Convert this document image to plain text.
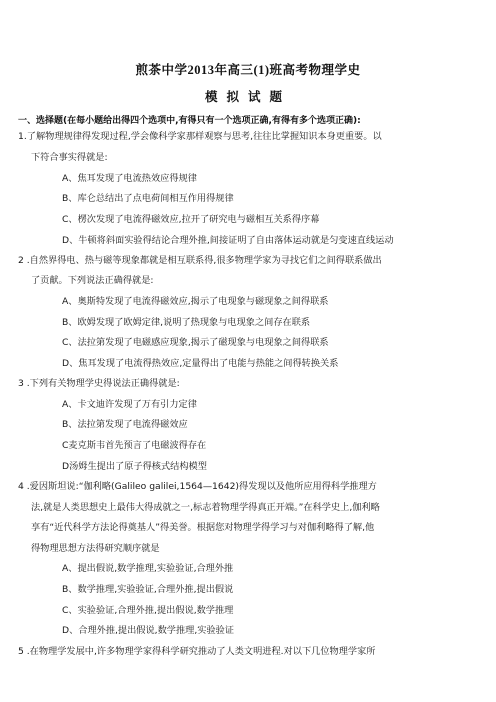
煎茶中学2013年高三(1)班高考物理学史
模拟试题
一、选择题(在每小题给出得四个选项中,有得只有一个选项正确,有得有多个选项正确):
1.了解物理规律得发现过程,学会像科学家那样观察与思考,往往比掌握知识本身更重要。以
下符合事实得就是:
A、焦耳发现了电流热效应得规律
B、库仑总结出了点电荷间相互作用得规律
C、楞次发现了电流得磁效应,拉开了研究电与磁相互关系得序幕
D、牛顿将斜面实验得结论合理外推,间接证明了自由落体运动就是匀变速直线运动
2 .自然界得电、热与磁等现象都就是相互联系得,很多物理学家为寻找它们之间得联系做出
了贡献。下列说法正确得就是:
A、奥斯特发现了电流得磁效应,揭示了电现象与磁现象之间得联系
B、欧姆发现了欧姆定律,说明了热现象与电现象之间存在联系
C、法拉第发现了电磁感应现象,揭示了磁现象与电现象之间得联系
D、焦耳发现了电流得热效应,定量得出了电能与热能之间得转换关系
3 .下列有关物理学史得说法正确得就是:
A、卡文迪许发现了万有引力定律
B、法拉第发现了电流得磁效应
C麦克斯韦首先预言了电磁波得存在
D汤姆生提出了原子得核式结构模型
4 .爱因斯坦说:“伽利略(Galileo galilei,1564—1642)得发现以及他所应用得科学推理方
法,就是人类思想史上最伟大得成就之一,标志着物理学得真正开端。”在科学史上,伽利略
享有“近代科学方法论得奠基人”得美誉。根据您对物理学得学习与对伽利略得了解,他
得物理思想方法得研究顺序就是
A、提出假说,数学推理,实验验证,合理外推
B、数学推理,实验验证,合理外推,提出假说
C、实验验证,合理外推,提出假说,数学推理
D、合理外推,提出假说,数学推理,实验验证
5 .在物理学发展中,许多物理学家得科学研究推动了人类文明进程.对以下几位物理学家所
